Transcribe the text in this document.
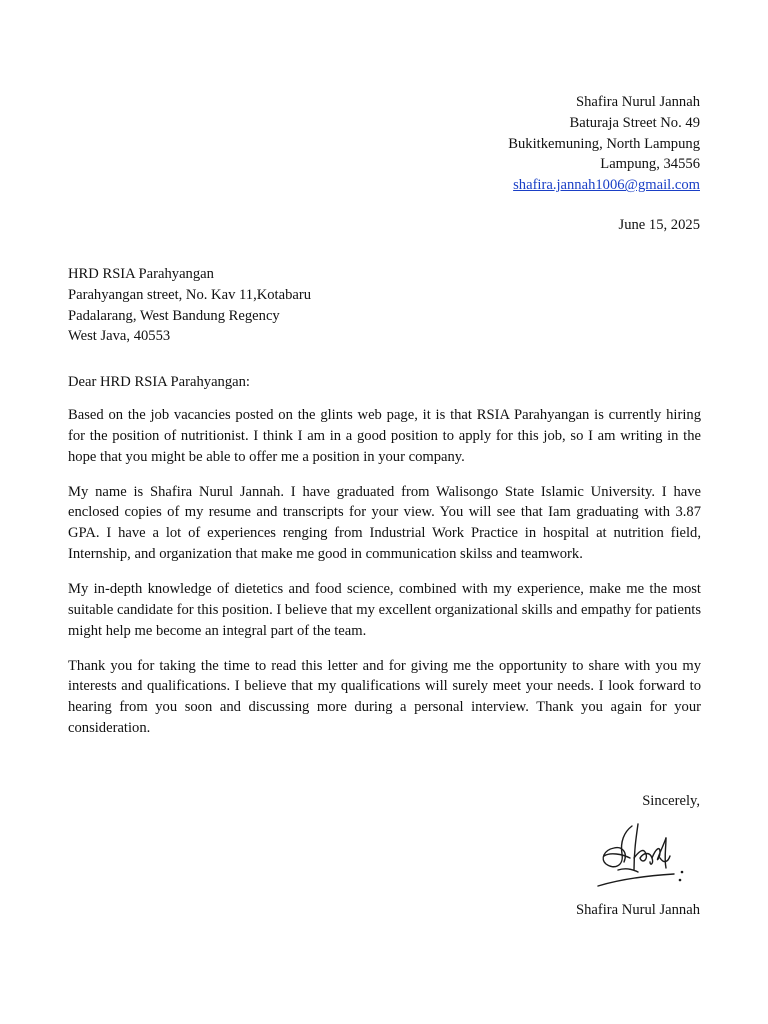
Shafira Nurul Jannah
Baturaja Street No. 49
Bukitkemuning, North Lampung
Lampung, 34556
shafira.jannah1006@gmail.com
June 15, 2025
HRD RSIA Parahyangan
Parahyangan street, No. Kav 11,Kotabaru
Padalarang, West Bandung Regency
West Java, 40553
Dear HRD RSIA Parahyangan:

Based on the job vacancies posted on the glints web page, it is that RSIA Parahyangan is currently hiring for the position of nutritionist. I think I am in a good position to apply for this job, so I am writing in the hope that you might be able to offer me a position in your company.

My name is Shafira Nurul Jannah. I have graduated from Walisongo State Islamic University. I have enclosed copies of my resume and transcripts for your view. You will see that Iam graduating with 3.87 GPA. I have a lot of experiences renging from Industrial Work Practice in hospital at nutrition field, Internship, and organization that make me good in communication skilss and teamwork.

My in-depth knowledge of dietetics and food science, combined with my experience, make me the most suitable candidate for this position. I believe that my excellent organizational skills and empathy for patients might help me become an integral part of the team.

Thank you for taking the time to read this letter and for giving me the opportunity to share with you my interests and qualifications. I believe that my qualifications will surely meet your needs. I look forward to hearing from you soon and discussing more during a personal interview. Thank you again for your consideration.

Sincerely,
Shafira Nurul Jannah
